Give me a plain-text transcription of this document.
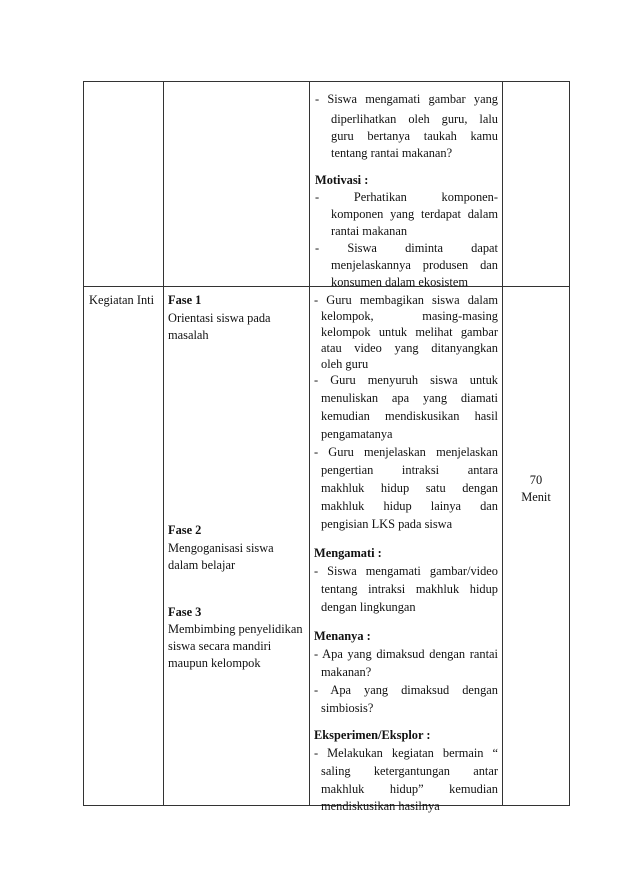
- Siswa mengamati gambar yang

diperlihatkan oleh guru, lalu

guru bertanya taukah kamu

tentang rantai makanan?

Motivasi :

- Perhatikan komponen-

komponen yang terdapat dalam

rantai makanan

- Siswa diminta dapat

menjelaskannya produsen dan

konsumen dalam ekosistem

Kegiatan Inti Fase 1

Orientasi siswa pada

masalah

Fase 2

Mengoganisasi siswa

dalam belajar

Fase 3

Membimbing penyelidikan

siswa secara mandiri

maupun kelompok

- Guru membagikan siswa dalam

kelompok, masing-masing

kelompok untuk melihat gambar

atau video yang ditanyangkan

oleh guru

- Guru menyuruh siswa untuk

menuliskan apa yang diamati

kemudian mendiskusikan hasil

pengamatanya

- Guru menjelaskan menjelaskan

pengertian intraksi antara

makhluk hidup satu dengan

makhluk hidup lainya dan

pengisian LKS pada siswa

Mengamati :

- Siswa mengamati gambar/video

tentang intraksi makhluk hidup

dengan lingkungan

Menanya :

- Apa yang dimaksud dengan rantai

makanan?

- Apa yang dimaksud dengan

simbiosis?

Eksperimen/Eksplor :

- Melakukan kegiatan bermain “

saling ketergantungan antar

makhluk hidup” kemudian

mendiskusikan hasilnya

70

Menit
